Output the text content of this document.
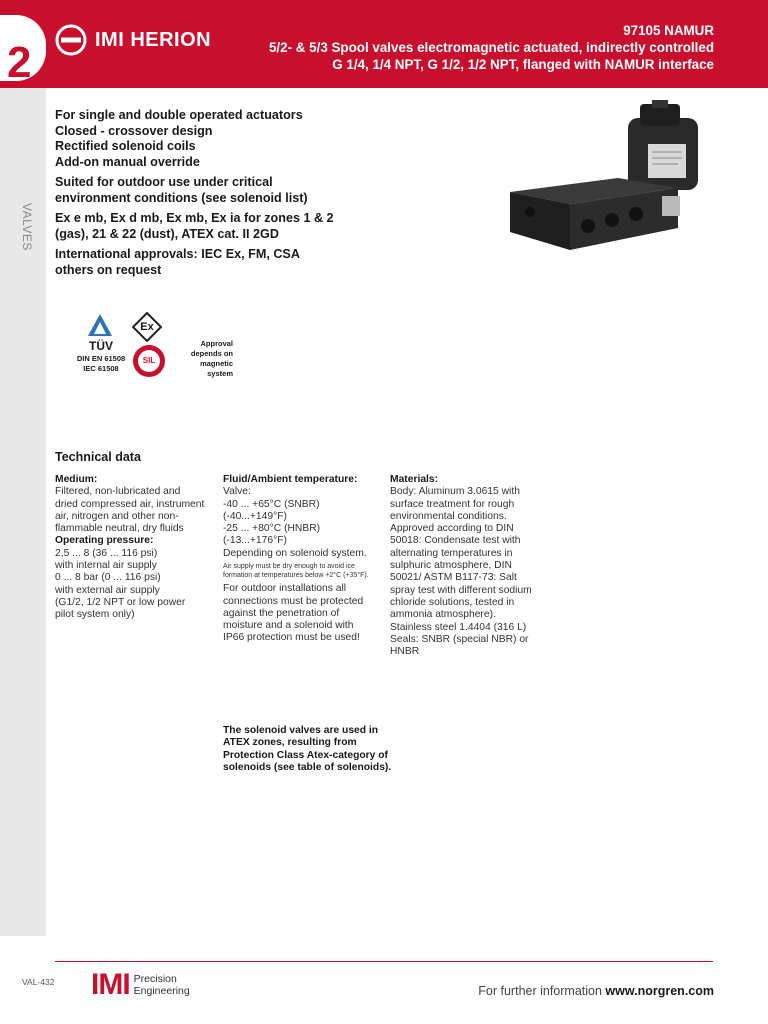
2	IMI HERION	97105 NAMUR
5/2- & 5/3 Spool valves electromagnetic actuated, indirectly controlled
G 1/4, 1/4 NPT, G 1/2, 1/2 NPT, flanged with NAMUR interface
VALVES
For single and double operated actuators
Closed - crossover design
Rectified solenoid coils
Add-on manual override
Suited for outdoor use under critical environment conditions (see solenoid list)
Ex e mb, Ex d mb, Ex mb, Ex ia for zones 1 & 2 (gas), 21 & 22 (dust), ATEX cat. II 2GD
International approvals: IEC Ex, FM, CSA others on request
TÜV
DIN EN 61508
IEC 61508
Ex
SIL
Approval depends on magnetic system
Technical data
Medium:
Filtered, non-lubricated and dried compressed air, instrument air, nitrogen and other non-flammable neutral, dry fluids
Operating pressure:
2,5 ... 8 (36 ... 116 psi)
with internal air supply
0 ... 8 bar (0 ... 116 psi)
with external air supply
(G1/2, 1/2 NPT or low power pilot system only)
Fluid/Ambient temperature:
Valve:
-40 ... +65°C (SNBR)
(-40...+149°F)
-25 ... +80°C (HNBR)
(-13...+176°F)
Depending on solenoid system.
Air supply must be dry enough to avoid ice formation at temperatures below +2°C (+35°F).
For outdoor installations all connections must be protected against the penetration of moisture and a solenoid with IP66 protection must be used!
Materials:
Body: Aluminum 3.0615 with surface treatment for rough environmental conditions. Approved according to DIN 50018: Condensate test with alternating temperatures in sulphuric atmosphere, DIN 50021/ ASTM B117-73: Salt spray test with different sodium chloride solutions, tested in ammonia atmosphere). Stainless steel 1.4404 (316 L)
Seals: SNBR (special NBR) or HNBR
The solenoid valves are used in ATEX zones, resulting from Protection Class Atex-category of solenoids (see table of solenoids).
VAL-432 IMI Precision
Engineering	For further information www.norgren.com
